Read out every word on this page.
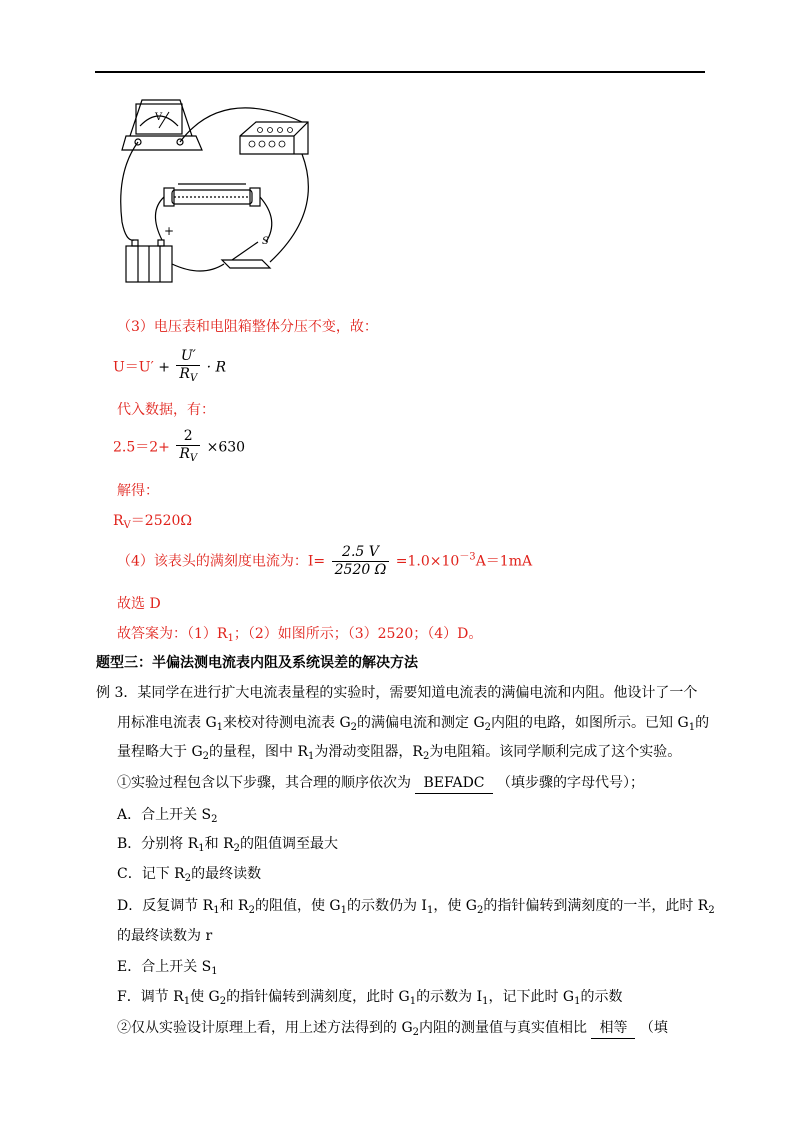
V
+
S
（3）电压表和电阻箱整体分压不变，故：
$U=U' + \frac{U'}{R_V} \cdot R$
代入数据，有：
$2.5=2+ \frac{2}{R_V} \times 630$
解得：
$R_V=2520\Omega$
（4）该表头的满刻度电流为：$I= \frac{2.5 V}{2520 \Omega} =1.0\times 10^{-3}A=1mA$
故选 D
故答案为：$(1)R_1$；（2）如图所示；（3）2520；（4）D。
题型三：半偏法测电流表内阻及系统误差的解决方法
例 3．某同学在进行扩大电流表量程的实验时，需要知道电流表的满偏电流和内阻。他设计了一个
用标准电流表 $G_1$来校对待测电流表 $G_2$的满偏电流和测定 $G_2$内阻的电路，如图所示。已知 $G_1$的
量程略大于 $G_2$的量程，图中 $R_1$为滑动变阻器，$R_2$为电阻箱。该同学顺利完成了这个实验。
①实验过程包含以下步骤，其合理的顺序依次为 BEFADC （填步骤的字母代号）；
A．合上开关 $S_2$
B．分别将 $R_1$和 $R_2$的阻值调至最大
C．记下 $R_2$的最终读数
D．反复调节 $R_1$和 $R_2$的阻值，使 $G_1$的示数仍为 $I_1$，使 $G_2$的指针偏转到满刻度的一半，此时 $R_2$
的最终读数为 r
E．合上开关 $S_1$
F．调节 $R_1$使 $G_2$的指针偏转到满刻度，此时 $G_1$的示数为 $I_1$，记下此时 $G_1$的示数
②仅从实验设计原理上看，用上述方法得到的 $G_2$内阻的测量值与真实值相比 相等 （填
